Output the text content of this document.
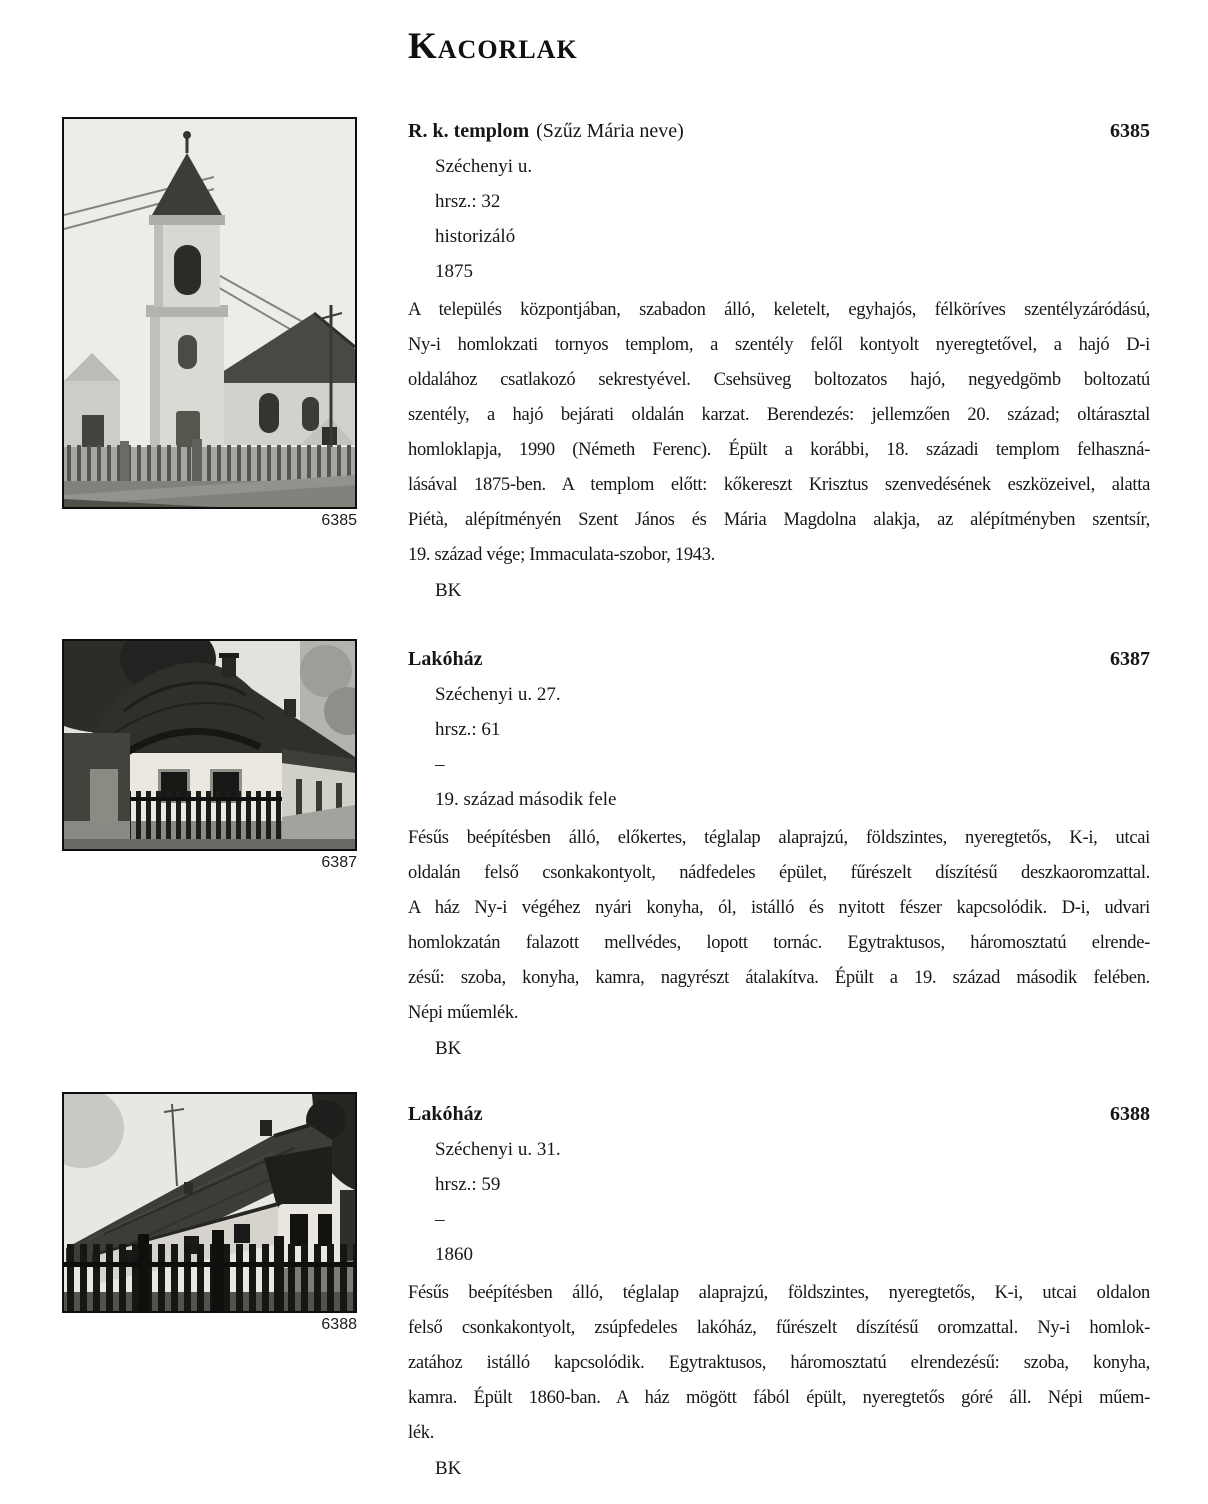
Kacorlak
6385
6387
6388
R. k. templom (Szűz Mária neve)	6385
Széchenyi u.
hrsz.: 32
historizáló
1875
A település központjában, szabadon álló, keletelt, egyhajós, félköríves szentélyzáródású,
Ny-i homlokzati tornyos templom, a szentély felől kontyolt nyeregtetővel, a hajó D-i
oldalához csatlakozó sekrestyével. Csehsüveg boltozatos hajó, negyedgömb boltozatú
szentély, a hajó bejárati oldalán karzat. Berendezés: jellemzően 20. század; oltárasztal
homloklapja, 1990 (Németh Ferenc). Épült a korábbi, 18. századi templom felhaszná-
lásával 1875-ben. A templom előtt: kőkereszt Krisztus szenvedésének eszközeivel, alatta
Piétà, alépítményén Szent János és Mária Magdolna alakja, az alépítményben szentsír,
19. század vége; Immaculata-szobor, 1943.
BK
Lakóház	6387
Széchenyi u. 27.
hrsz.: 61
–
19. század második fele
Fésűs beépítésben álló, előkertes, téglalap alaprajzú, földszintes, nyeregtetős, K-i, utcai
oldalán felső csonkakontyolt, nádfedeles épület, fűrészelt díszítésű deszkaoromzattal.
A ház Ny-i végéhez nyári konyha, ól, istálló és nyitott fészer kapcsolódik. D-i, udvari
homlokzatán falazott mellvédes, lopott tornác. Egytraktusos, háromosztatú elrende-
zésű: szoba, konyha, kamra, nagyrészt átalakítva. Épült a 19. század második felében.
Népi műemlék.
BK
Lakóház	6388
Széchenyi u. 31.
hrsz.: 59
–
1860
Fésűs beépítésben álló, téglalap alaprajzú, földszintes, nyeregtetős, K-i, utcai oldalon
felső csonkakontyolt, zsúpfedeles lakóház, fűrészelt díszítésű oromzattal. Ny-i homlok-
zatához istálló kapcsolódik. Egytraktusos, háromosztatú elrendezésű: szoba, konyha,
kamra. Épült 1860-ban. A ház mögött fából épült, nyeregtetős góré áll. Népi műem-
lék.
BK
